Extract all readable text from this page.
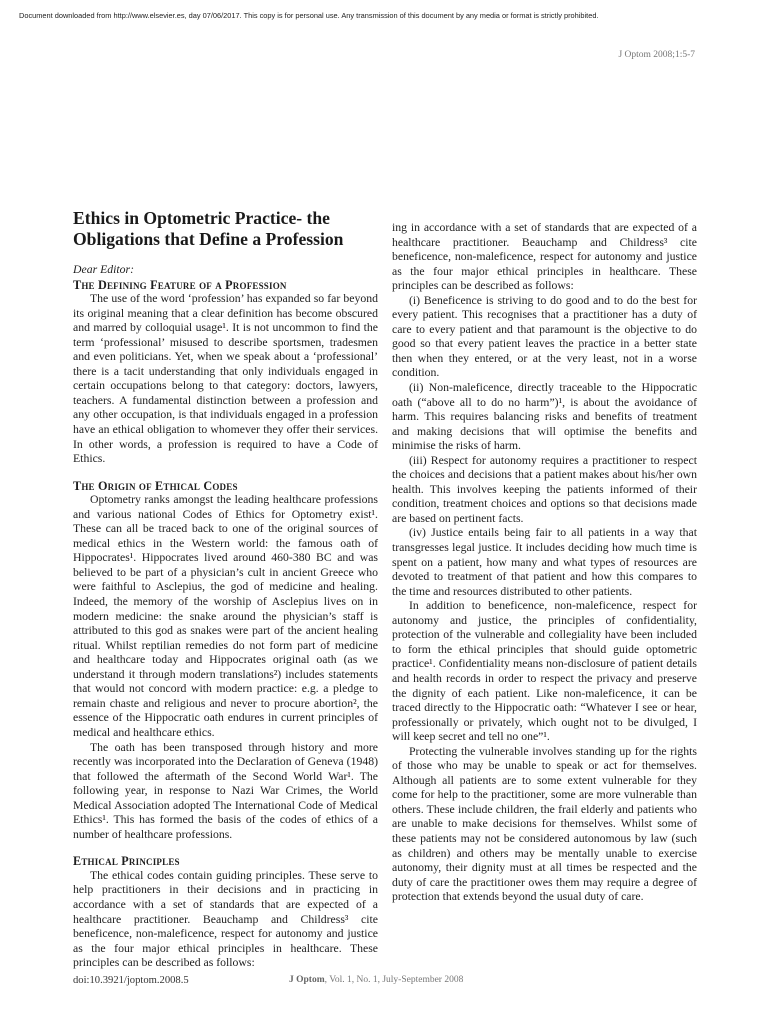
Document downloaded from http://www.elsevier.es, day 07/06/2017. This copy is for personal use. Any transmission of this document by any media or format is strictly prohibited.
J Optom 2008;1:5-7
Ethics in Optometric Practice- the Obligations that Define a Profession

Dear Editor:

The Defining Feature of a Profession

The use of the word ‘profession’ has expanded so far beyond its original meaning that a clear definition has become obscured and marred by colloquial usage¹. It is not uncommon to find the term ‘professional’ misused to describe sportsmen, tradesmen and even politicians. Yet, when we speak about a ‘professional’ there is a tacit understanding that only individuals engaged in certain occupations belong to that category: doctors, lawyers, teachers. A fundamental distinction between a profession and any other occupation, is that individuals engaged in a profession have an ethical obligation to whomever they offer their services. In other words, a profession is required to have a Code of Ethics.

The Origin of Ethical Codes

Optometry ranks amongst the leading healthcare professions and various national Codes of Ethics for Optometry exist¹. These can all be traced back to one of the original sources of medical ethics in the Western world: the famous oath of Hippocrates¹. Hippocrates lived around 460-380 BC and was believed to be part of a physician’s cult in ancient Greece who were faithful to Asclepius, the god of medicine and healing. Indeed, the memory of the worship of Asclepius lives on in modern medicine: the snake around the physician’s staff is attributed to this god as snakes were part of the ancient healing ritual. Whilst reptilian remedies do not form part of medicine and healthcare today and Hippocrates original oath (as we understand it through modern translations²) includes statements that would not concord with modern practice: e.g. a pledge to remain chaste and religious and never to procure abortion², the essence of the Hippocratic oath endures in current principles of medical and healthcare ethics.

The oath has been transposed through history and more recently was incorporated into the Declaration of Geneva (1948) that followed the aftermath of the Second World War¹. The following year, in response to Nazi War Crimes, the World Medical Association adopted The International Code of Medical Ethics¹. This has formed the basis of the codes of ethics of a number of healthcare professions.

Ethical Principles

The ethical codes contain guiding principles. These serve to help practitioners in their decisions and in practicing in accordance with a set of standards that are expected of a healthcare practitioner. Beauchamp and Childress³ cite beneficence, non-maleficence, respect for autonomy and justice as the four major ethical principles in healthcare. These principles can be described as follows:

ing in accordance with a set of standards that are expected of a healthcare practitioner. Beauchamp and Childress³ cite beneficence, non-maleficence, respect for autonomy and justice as the four major ethical principles in healthcare. These principles can be described as follows:

(i) Beneficence is striving to do good and to do the best for every patient. This recognises that a practitioner has a duty of care to every patient and that paramount is the objective to do good so that every patient leaves the practice in a better state then when they entered, or at the very least, not in a worse condition.

(ii) Non-maleficence, directly traceable to the Hippocratic oath (“above all to do no harm”)¹, is about the avoidance of harm. This requires balancing risks and benefits of treatment and making decisions that will optimise the benefits and minimise the risks of harm.

(iii) Respect for autonomy requires a practitioner to respect the choices and decisions that a patient makes about his/her own health. This involves keeping the patients informed of their condition, treatment choices and options so that decisions made are based on pertinent facts.

(iv) Justice entails being fair to all patients in a way that transgresses legal justice. It includes deciding how much time is spent on a patient, how many and what types of resources are devoted to treatment of that patient and how this compares to the time and resources distributed to other patients.

In addition to beneficence, non-maleficence, respect for autonomy and justice, the principles of confidentiality, protection of the vulnerable and collegiality have been included to form the ethical principles that should guide optometric practice¹. Confidentiality means non-disclosure of patient details and health records in order to respect the privacy and preserve the dignity of each patient. Like non-maleficence, it can be traced directly to the Hippocratic oath: “Whatever I see or hear, professionally or privately, which ought not to be divulged, I will keep secret and tell no one”¹.

Protecting the vulnerable involves standing up for the rights of those who may be unable to speak or act for themselves. Although all patients are to some extent vulnerable for they come for help to the practitioner, some are more vulnerable than others. These include children, the frail elderly and patients who are unable to make decisions for themselves. Whilst some of these patients may not be considered autonomous by law (such as children) and others may be mentally unable to exercise autonomy, their dignity must at all times be respected and the duty of care the practitioner owes them may require a degree of protection that extends beyond the usual duty of care.

doi:10.3921/joptom.2008.5	J Optom, Vol. 1, No. 1, July-September 2008
